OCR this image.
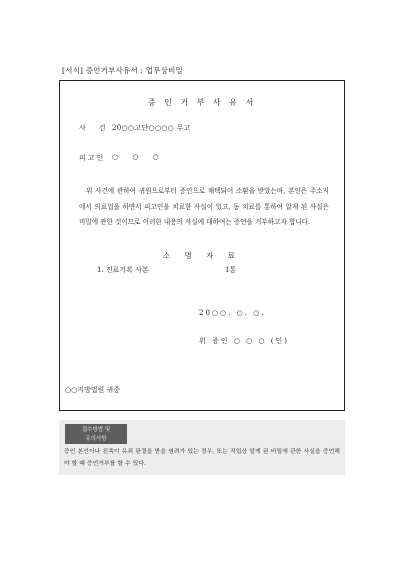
[서식] 증언거부사유서 : 업무상비밀
증 인 거 부 사 유 서
사건
20○○고단○○○○ 무고
피고인 ○ ○ ○
위 사건에 관하여 귀원으로부터 증인으로 채택되어 소환을 받았는바, 본인은 주소지에서 의료업을 하면서 피고인을 치료한 사실이 있고, 동 치료를 통하여 알게 된 사실은 비밀에 관한 것이므로 이러한 내용의 사실에 대하여는 증언을 거부하고자 합니다.
소 명 자 료
1. 진료기록 사본	1통
20○○. ○. ○.
위 증인 ○ ○ ○ (인)
○○지방법원 귀중
접수방법 및
유의사항
증인 본인이나 친족이 유죄 판결을 받을 염려가 있는 경우, 또는 직업상 알게 된 비밀에 관한 사실을 증언해야 할 때 증언거부를 할 수 있다.
